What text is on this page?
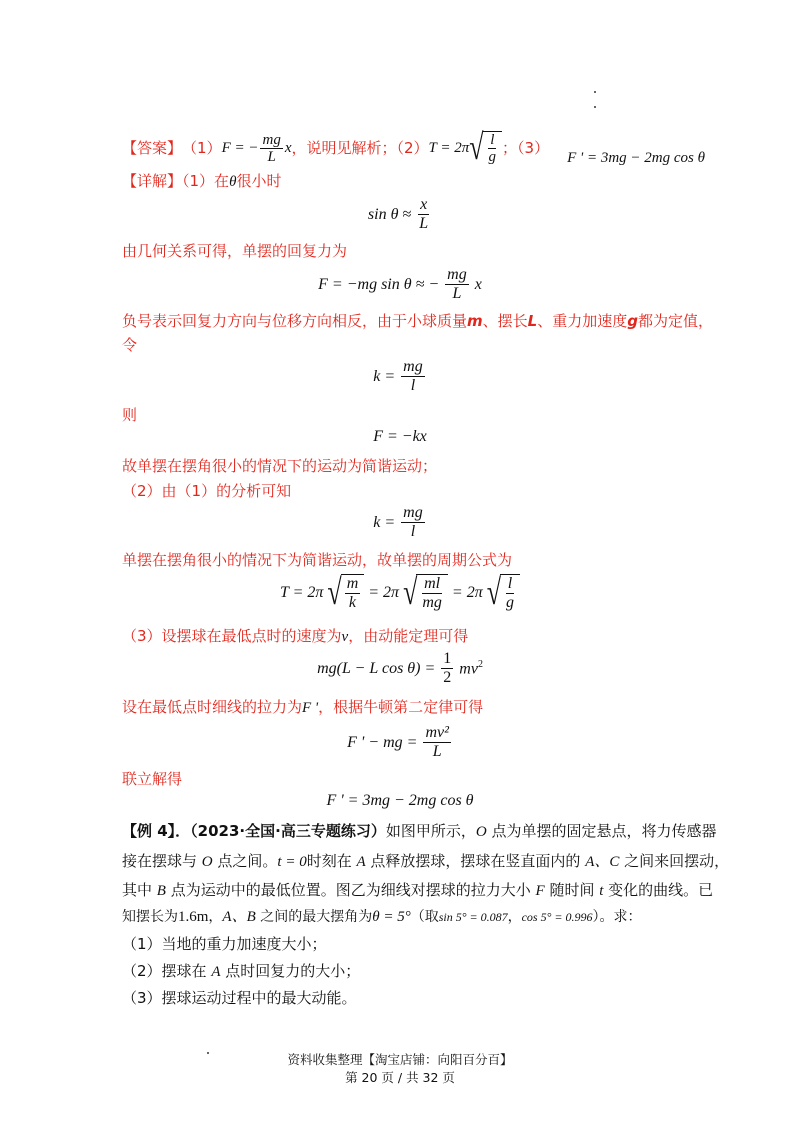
【答案】 （1） F = − $\frac{mg}{L}$ x ，说明见解析；（2） T = 2π √ $\frac{l}{g}$ ；（3）
F ' = 3mg − 2mg cos θ
【详解】（1）在θ很小时
$\sin \theta \approx \frac{x}{L}$
由几何关系可得，单摆的回复力为
F = −mg sin θ ≈ − $\frac{mg}{L}$ x
负号表示回复力方向与位移方向相反，由于小球质量m、摆长L、重力加速度g都为定值，
令
$k = \frac{mg}{l}$
则
F = −kx
故单摆在摆角很小的情况下的运动为简谐运动；
（2）由（1）的分析可知
$k = \frac{mg}{l}$
单摆在摆角很小的情况下为简谐运动，故单摆的周期公式为
T = 2π √ $\frac{m}{k} = 2\pi$ √ $\frac{ml}{mg} = 2\pi$ √ $\frac{l}{g}$
（3）设摆球在最低点时的速度为v，由动能定理可得
mg(L − L $\cos \theta) = \frac{1}{2} mv^2$
设在最低点时细线的拉力为F '，根据牛顿第二定律可得
F ' − mg = $\frac{\text{mv²}}{L}$
联立解得
F ' = 3mg − 2mg cos θ
【例 4】．（2023·全国·高三专题练习）如图甲所示，O 点为单摆的固定悬点，将力传感器
接在摆球与 O 点之间。t = 0时刻在 A 点释放摆球，摆球在竖直面内的 A、C 之间来回摆动，
其中 B 点为运动中的最低位置。图乙为细线对摆球的拉力大小 F 随时间 t 变化的曲线。已
知摆长为1.6m，A、B 之间的最大摆角为θ = 5°（取sin 5° = 0.087，cos 5° = 0.996）。求：
（1）当地的重力加速度大小；
（2）摆球在 A 点时回复力的大小；
（3）摆球运动过程中的最大动能。
资料收集整理【淘宝店铺：向阳百分百】
第 20 页 / 共 32 页
